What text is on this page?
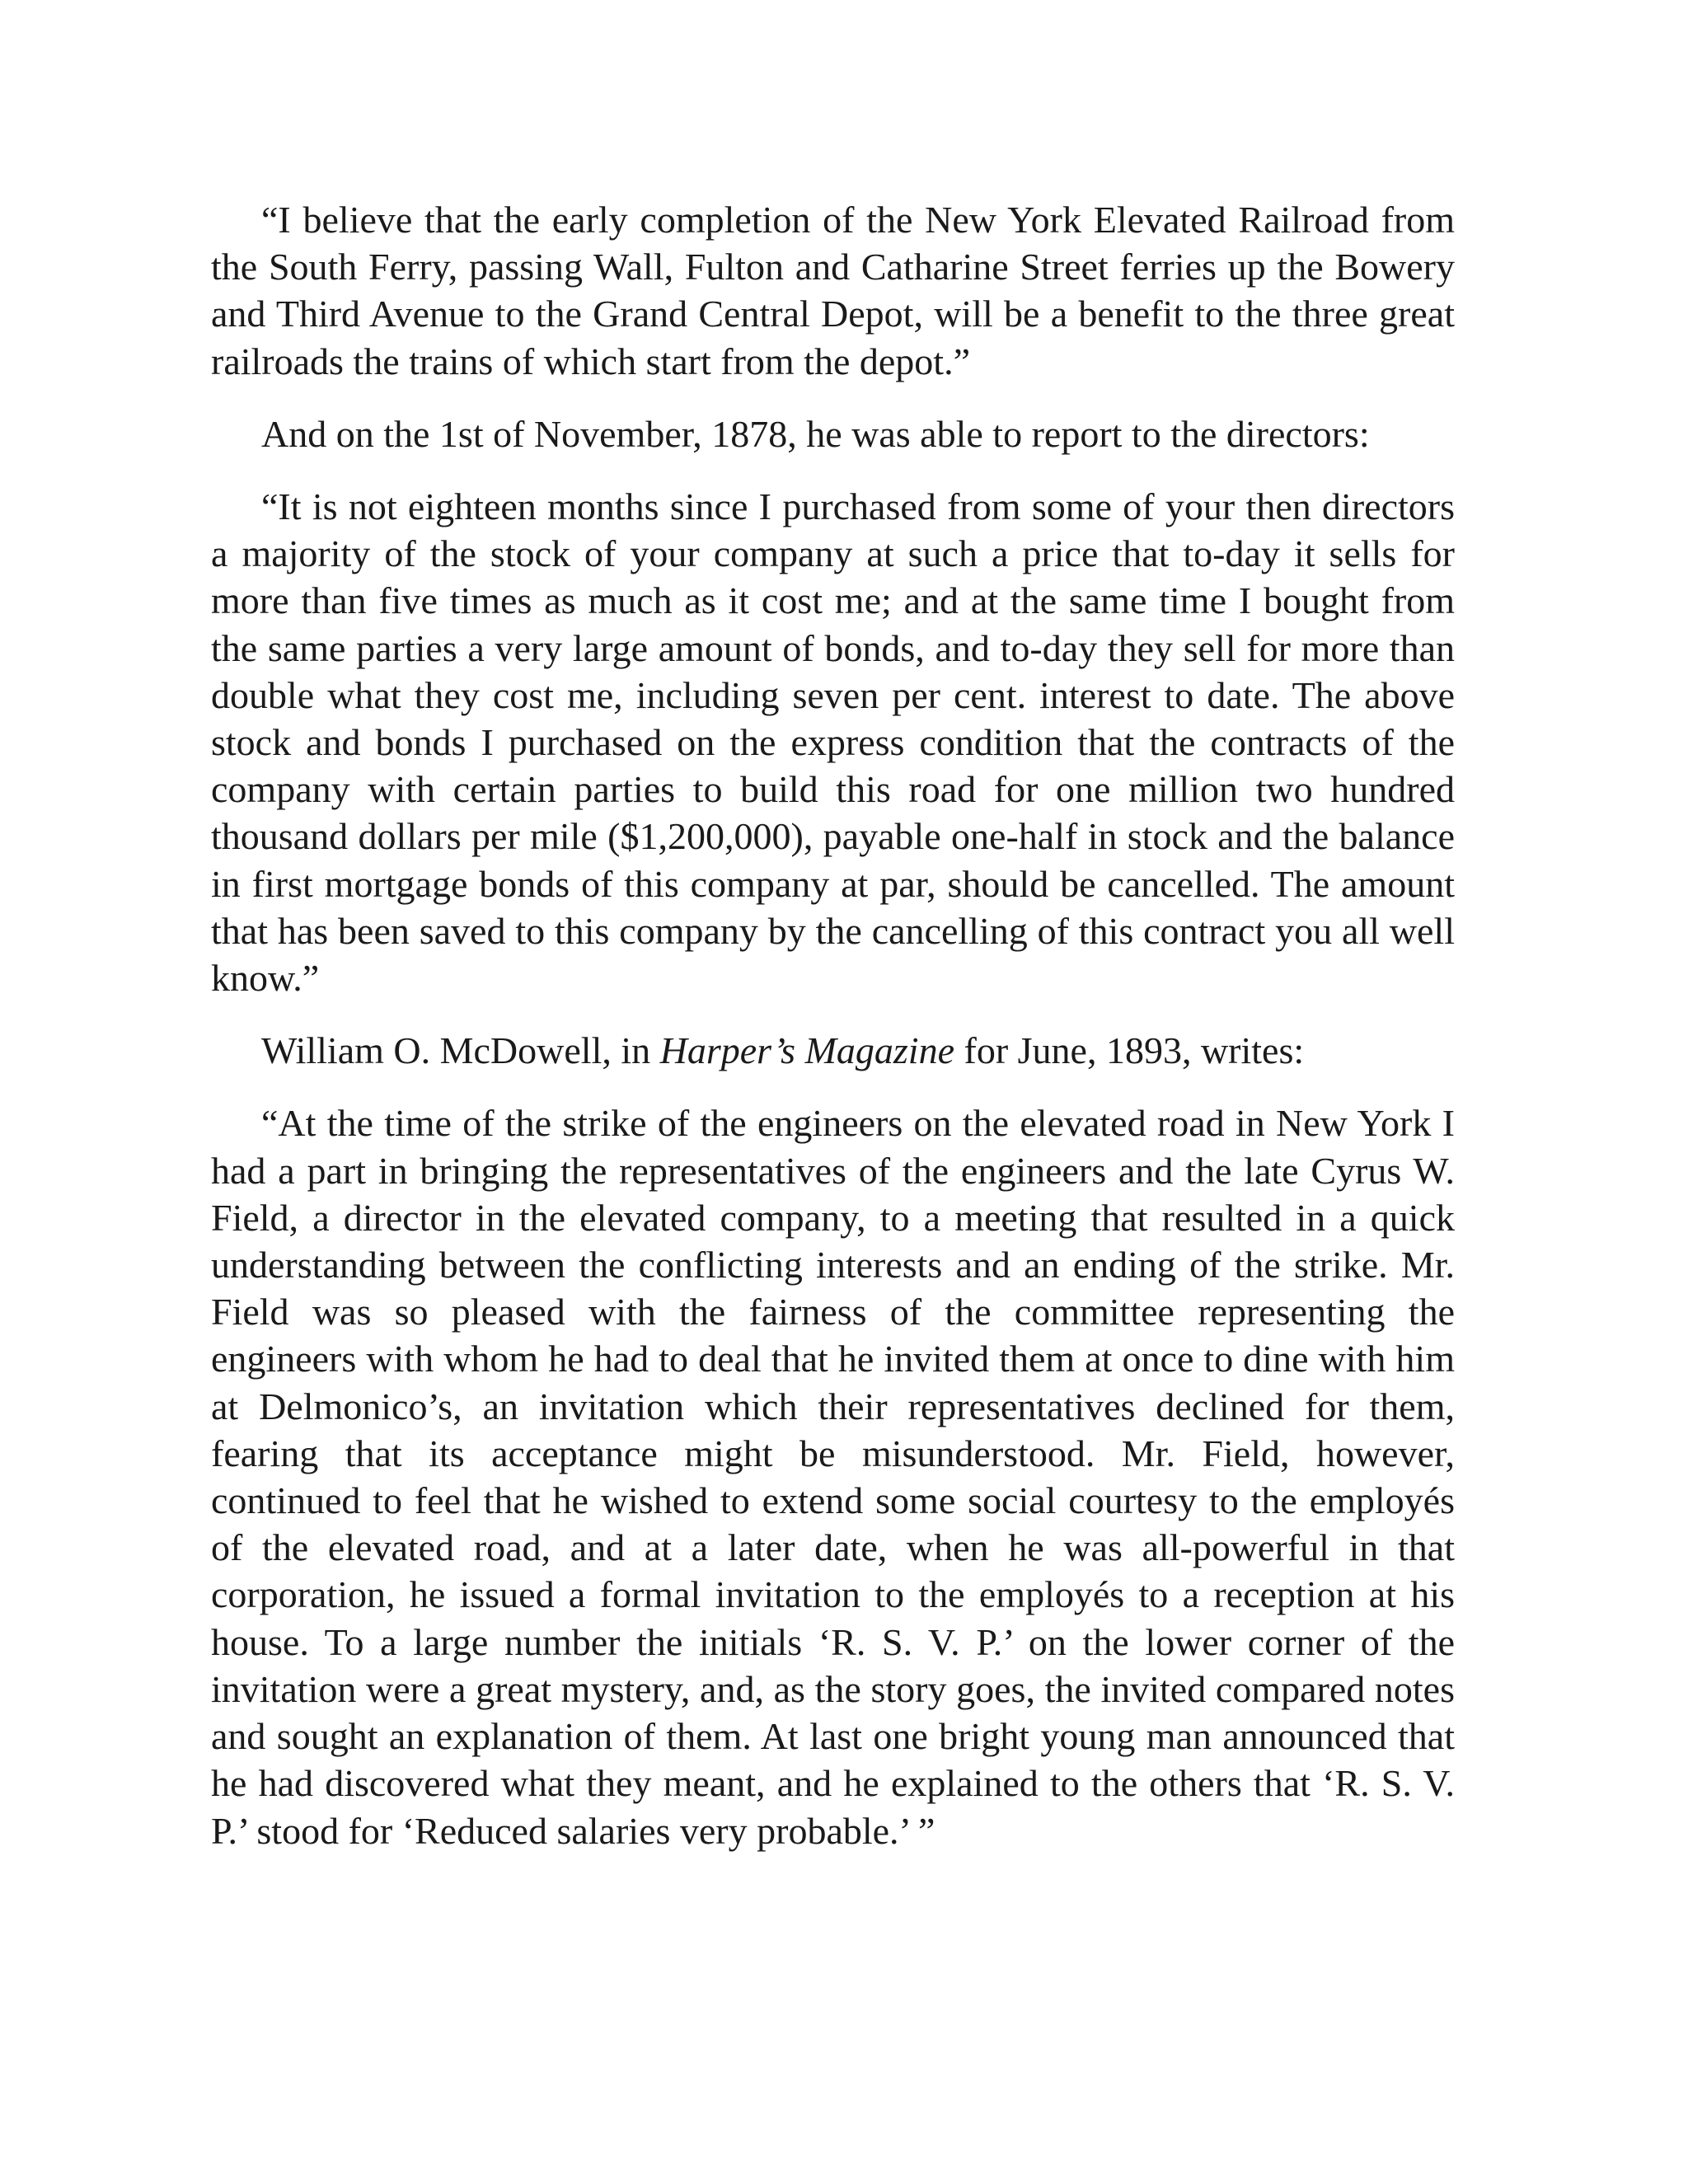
“I believe that the early completion of the New York Elevated Railroad from the South Ferry, passing Wall, Fulton and Catharine Street ferries up the Bowery and Third Avenue to the Grand Central Depot, will be a benefit to the three great railroads the trains of which start from the depot.”

And on the 1st of November, 1878, he was able to report to the directors:

“It is not eighteen months since I purchased from some of your then directors a majority of the stock of your company at such a price that to-day it sells for more than five times as much as it cost me; and at the same time I bought from the same parties a very large amount of bonds, and to-day they sell for more than double what they cost me, including seven per cent. interest to date. The above stock and bonds I purchased on the express condition that the contracts of the company with certain parties to build this road for one million two hundred thousand dollars per mile ($1,200,000), payable one-half in stock and the balance in first mortgage bonds of this company at par, should be cancelled. The amount that has been saved to this company by the cancelling of this contract you all well know.”

William O. McDowell, in Harper’s Magazine for June, 1893, writes:

“At the time of the strike of the engineers on the elevated road in New York I had a part in bringing the representatives of the engineers and the late Cyrus W. Field, a director in the elevated company, to a meeting that resulted in a quick understanding between the conflicting interests and an ending of the strike. Mr. Field was so pleased with the fairness of the committee representing the engineers with whom he had to deal that he invited them at once to dine with him at Delmonico’s, an invitation which their representatives declined for them, fearing that its acceptance might be misunderstood. Mr. Field, however, continued to feel that he wished to extend some social courtesy to the employés of the elevated road, and at a later date, when he was all-powerful in that corporation, he issued a formal invitation to the employés to a reception at his house. To a large number the initials ‘R. S. V. P.’ on the lower corner of the invitation were a great mystery, and, as the story goes, the invited compared notes and sought an explanation of them. At last one bright young man announced that he had discovered what they meant, and he explained to the others that ‘R. S. V. P.’ stood for ‘Reduced salaries very probable.’ ”
